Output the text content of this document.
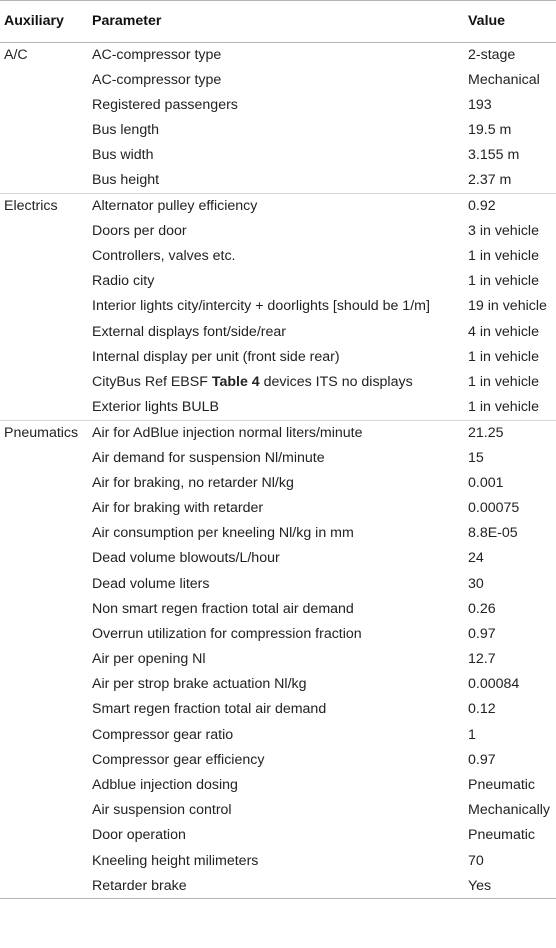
Auxiliary	Parameter	Value
A/C	AC-compressor type	2-stage
	AC-compressor type	Mechanical
	Registered passengers	193
	Bus length	19.5 m
	Bus width	3.155 m
	Bus height	2.37 m
Electrics	Alternator pulley efficiency	0.92
	Doors per door	3 in vehicle
	Controllers, valves etc.	1 in vehicle
	Radio city	1 in vehicle
	Interior lights city/intercity + doorlights [should be 1/m]	19 in vehicle
	External displays font/side/rear	4 in vehicle
	Internal display per unit (front side rear)	1 in vehicle
	CityBus Ref EBSF Table 4 devices ITS no displays	1 in vehicle
	Exterior lights BULB	1 in vehicle
Pneumatics	Air for AdBlue injection normal liters/minute	21.25
	Air demand for suspension Nl/minute	15
	Air for braking, no retarder Nl/kg	0.001
	Air for braking with retarder	0.00075
	Air consumption per kneeling Nl/kg in mm	8.8E-05
	Dead volume blowouts/L/hour	24
	Dead volume liters	30
	Non smart regen fraction total air demand	0.26
	Overrun utilization for compression fraction	0.97
	Air per opening Nl	12.7
	Air per strop brake actuation Nl/kg	0.00084
	Smart regen fraction total air demand	0.12
	Compressor gear ratio	1
	Compressor gear efficiency	0.97
	Adblue injection dosing	Pneumatic
	Air suspension control	Mechanically
	Door operation	Pneumatic
	Kneeling height milimeters	70
	Retarder brake	Yes
